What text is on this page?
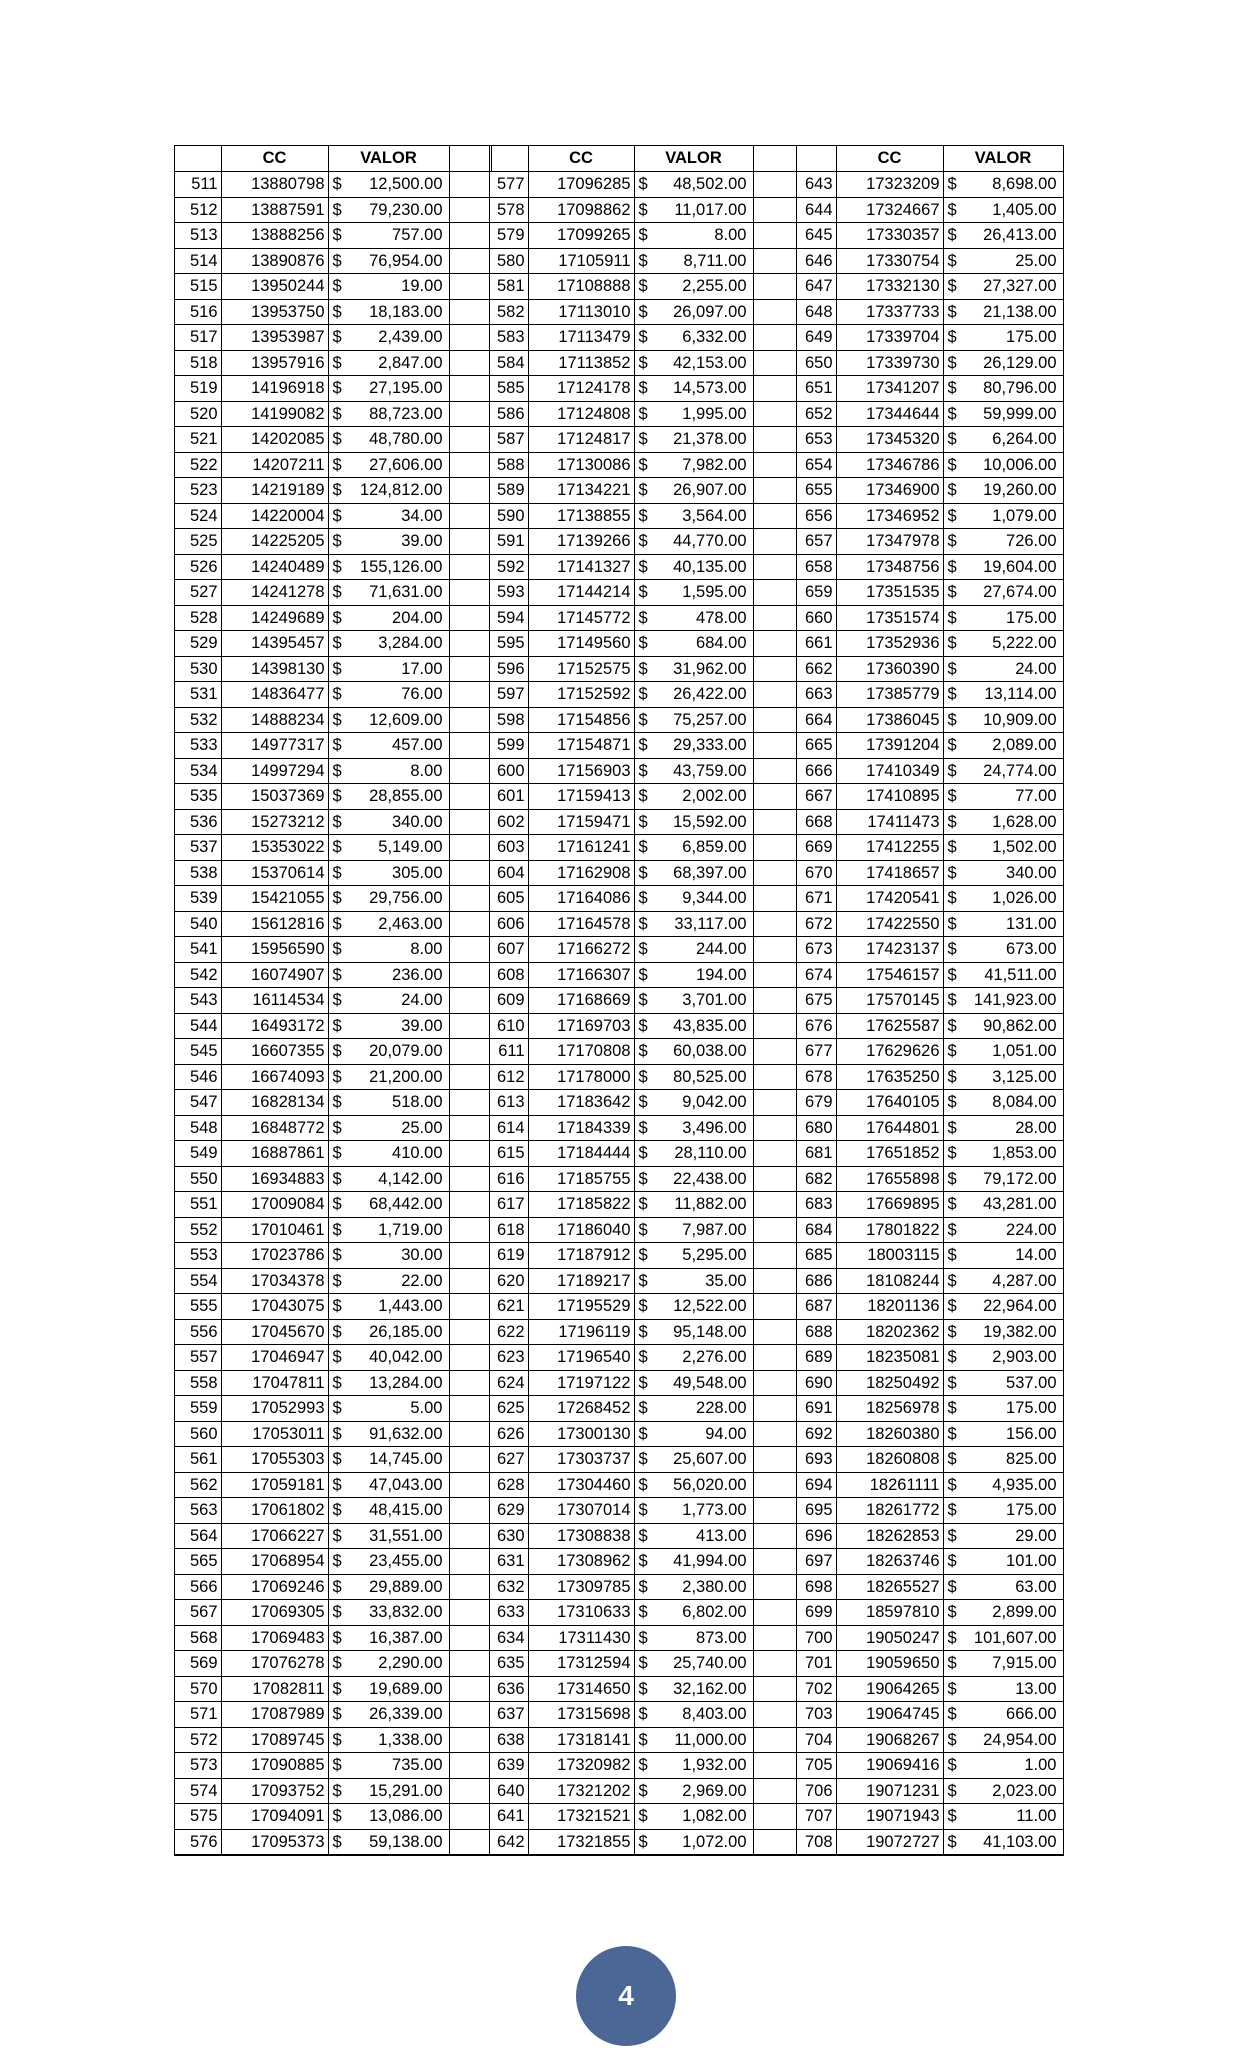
	CC	VALOR	
511	13880798	$ 12,500.00	
512	13887591	$ 79,230.00	
513	13888256	$ 757.00	
514	13890876	$ 76,954.00	
515	13950244	$ 19.00	
516	13953750	$ 18,183.00	
517	13953987	$ 2,439.00	
518	13957916	$ 2,847.00	
519	14196918	$ 27,195.00	
520	14199082	$ 88,723.00	
521	14202085	$ 48,780.00	
522	14207211	$ 27,606.00	
523	14219189	$ 124,812.00	
524	14220004	$ 34.00	
525	14225205	$ 39.00	
526	14240489	$ 155,126.00	
527	14241278	$ 71,631.00	
528	14249689	$ 204.00	
529	14395457	$ 3,284.00	
530	14398130	$ 17.00	
531	14836477	$ 76.00	
532	14888234	$ 12,609.00	
533	14977317	$ 457.00	
534	14997294	$ 8.00	
535	15037369	$ 28,855.00	
536	15273212	$ 340.00	
537	15353022	$ 5,149.00	
538	15370614	$ 305.00	
539	15421055	$ 29,756.00	
540	15612816	$ 2,463.00	
541	15956590	$ 8.00	
542	16074907	$ 236.00	
543	16114534	$ 24.00	
544	16493172	$ 39.00	
545	16607355	$ 20,079.00	
546	16674093	$ 21,200.00	
547	16828134	$ 518.00	
548	16848772	$ 25.00	
549	16887861	$ 410.00	
550	16934883	$ 4,142.00	
551	17009084	$ 68,442.00	
552	17010461	$ 1,719.00	
553	17023786	$ 30.00	
554	17034378	$ 22.00	
555	17043075	$ 1,443.00	
556	17045670	$ 26,185.00	
557	17046947	$ 40,042.00	
558	17047811	$ 13,284.00	
559	17052993	$ 5.00	
560	17053011	$ 91,632.00	
561	17055303	$ 14,745.00	
562	17059181	$ 47,043.00	
563	17061802	$ 48,415.00	
564	17066227	$ 31,551.00	
565	17068954	$ 23,455.00	
566	17069246	$ 29,889.00	
567	17069305	$ 33,832.00	
568	17069483	$ 16,387.00	
569	17076278	$ 2,290.00	
570	17082811	$ 19,689.00	
571	17087989	$ 26,339.00	
572	17089745	$ 1,338.00	
573	17090885	$ 735.00	
574	17093752	$ 15,291.00	
575	17094091	$ 13,086.00	
576	17095373	$ 59,138.00	
	CC	VALOR	
577	17096285	$ 48,502.00	
578	17098862	$ 11,017.00	
579	17099265	$ 8.00	
580	17105911	$ 8,711.00	
581	17108888	$ 2,255.00	
582	17113010	$ 26,097.00	
583	17113479	$ 6,332.00	
584	17113852	$ 42,153.00	
585	17124178	$ 14,573.00	
586	17124808	$ 1,995.00	
587	17124817	$ 21,378.00	
588	17130086	$ 7,982.00	
589	17134221	$ 26,907.00	
590	17138855	$ 3,564.00	
591	17139266	$ 44,770.00	
592	17141327	$ 40,135.00	
593	17144214	$ 1,595.00	
594	17145772	$ 478.00	
595	17149560	$ 684.00	
596	17152575	$ 31,962.00	
597	17152592	$ 26,422.00	
598	17154856	$ 75,257.00	
599	17154871	$ 29,333.00	
600	17156903	$ 43,759.00	
601	17159413	$ 2,002.00	
602	17159471	$ 15,592.00	
603	17161241	$ 6,859.00	
604	17162908	$ 68,397.00	
605	17164086	$ 9,344.00	
606	17164578	$ 33,117.00	
607	17166272	$ 244.00	
608	17166307	$ 194.00	
609	17168669	$ 3,701.00	
610	17169703	$ 43,835.00	
611	17170808	$ 60,038.00	
612	17178000	$ 80,525.00	
613	17183642	$ 9,042.00	
614	17184339	$ 3,496.00	
615	17184444	$ 28,110.00	
616	17185755	$ 22,438.00	
617	17185822	$ 11,882.00	
618	17186040	$ 7,987.00	
619	17187912	$ 5,295.00	
620	17189217	$ 35.00	
621	17195529	$ 12,522.00	
622	17196119	$ 95,148.00	
623	17196540	$ 2,276.00	
624	17197122	$ 49,548.00	
625	17268452	$ 228.00	
626	17300130	$ 94.00	
627	17303737	$ 25,607.00	
628	17304460	$ 56,020.00	
629	17307014	$ 1,773.00	
630	17308838	$ 413.00	
631	17308962	$ 41,994.00	
632	17309785	$ 2,380.00	
633	17310633	$ 6,802.00	
634	17311430	$ 873.00	
635	17312594	$ 25,740.00	
636	17314650	$ 32,162.00	
637	17315698	$ 8,403.00	
638	17318141	$ 11,000.00	
639	17320982	$ 1,932.00	
640	17321202	$ 2,969.00	
641	17321521	$ 1,082.00	
642	17321855	$ 1,072.00	
	CC	VALOR
643	17323209	$ 8,698.00
644	17324667	$ 1,405.00
645	17330357	$ 26,413.00
646	17330754	$ 25.00
647	17332130	$ 27,327.00
648	17337733	$ 21,138.00
649	17339704	$ 175.00
650	17339730	$ 26,129.00
651	17341207	$ 80,796.00
652	17344644	$ 59,999.00
653	17345320	$ 6,264.00
654	17346786	$ 10,006.00
655	17346900	$ 19,260.00
656	17346952	$ 1,079.00
657	17347978	$ 726.00
658	17348756	$ 19,604.00
659	17351535	$ 27,674.00
660	17351574	$ 175.00
661	17352936	$ 5,222.00
662	17360390	$ 24.00
663	17385779	$ 13,114.00
664	17386045	$ 10,909.00
665	17391204	$ 2,089.00
666	17410349	$ 24,774.00
667	17410895	$ 77.00
668	17411473	$ 1,628.00
669	17412255	$ 1,502.00
670	17418657	$ 340.00
671	17420541	$ 1,026.00
672	17422550	$ 131.00
673	17423137	$ 673.00
674	17546157	$ 41,511.00
675	17570145	$ 141,923.00
676	17625587	$ 90,862.00
677	17629626	$ 1,051.00
678	17635250	$ 3,125.00
679	17640105	$ 8,084.00
680	17644801	$ 28.00
681	17651852	$ 1,853.00
682	17655898	$ 79,172.00
683	17669895	$ 43,281.00
684	17801822	$ 224.00
685	18003115	$ 14.00
686	18108244	$ 4,287.00
687	18201136	$ 22,964.00
688	18202362	$ 19,382.00
689	18235081	$ 2,903.00
690	18250492	$ 537.00
691	18256978	$ 175.00
692	18260380	$ 156.00
693	18260808	$ 825.00
694	18261111	$ 4,935.00
695	18261772	$ 175.00
696	18262853	$ 29.00
697	18263746	$ 101.00
698	18265527	$ 63.00
699	18597810	$ 2,899.00
700	19050247	$ 101,607.00
701	19059650	$ 7,915.00
702	19064265	$ 13.00
703	19064745	$ 666.00
704	19068267	$ 24,954.00
705	19069416	$ 1.00
706	19071231	$ 2,023.00
707	19071943	$ 11.00
708	19072727	$ 41,103.00
4
